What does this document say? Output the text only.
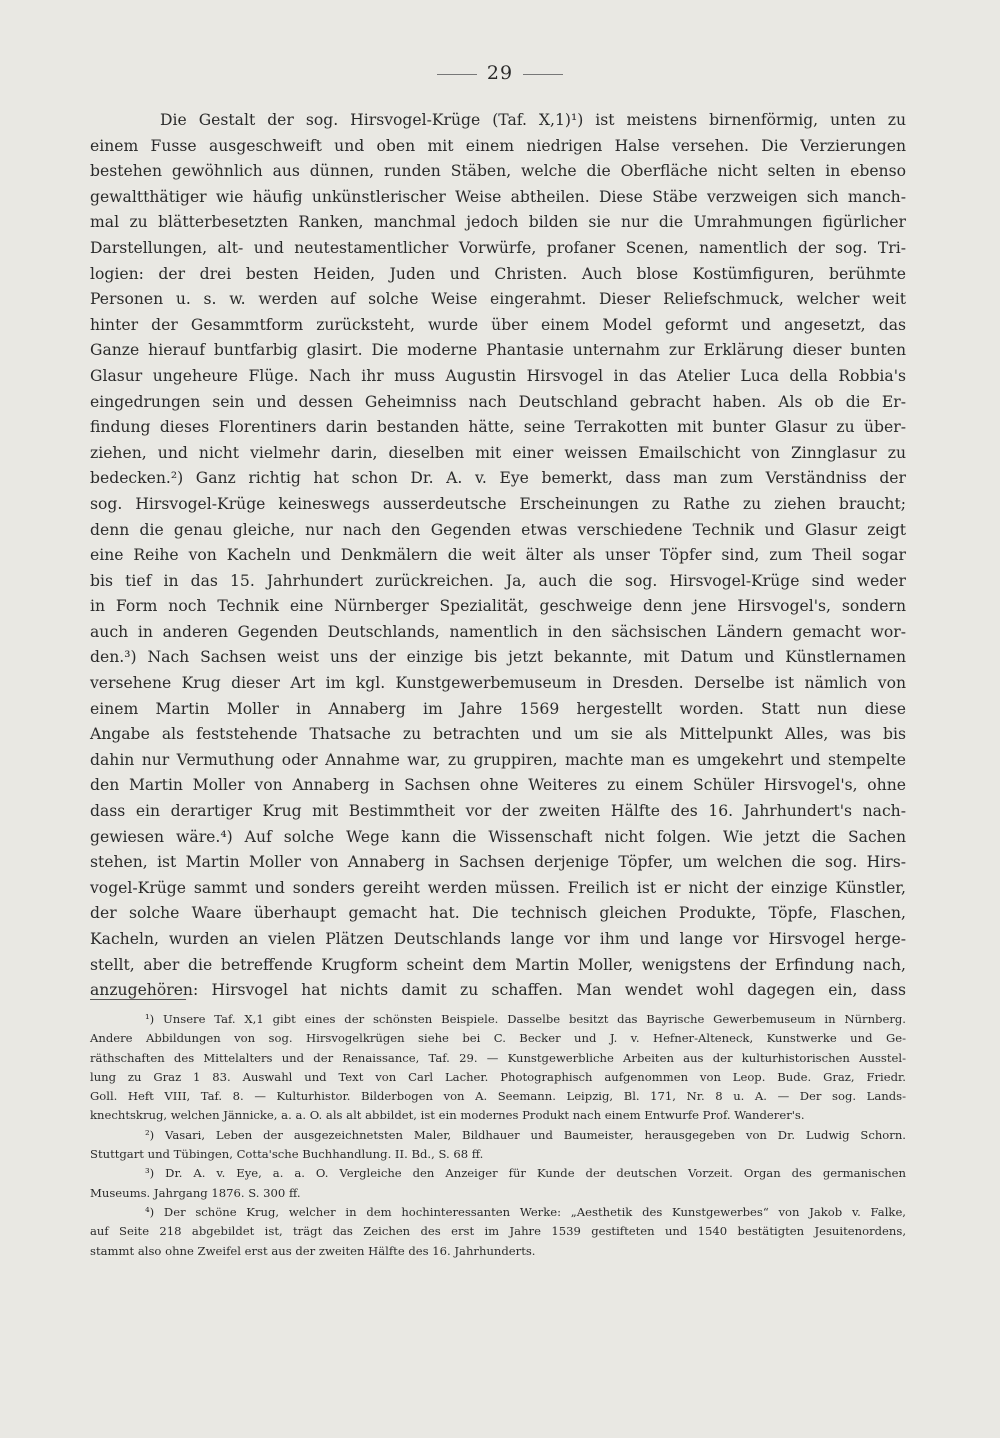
29
Die Gestalt der sog. Hirsvogel-Krüge (Taf. X,1)¹) ist meistens birnenförmig, unten zu
einem Fusse ausgeschweift und oben mit einem niedrigen Halse versehen. Die Verzierungen
bestehen gewöhnlich aus dünnen, runden Stäben, welche die Oberfläche nicht selten in ebenso
gewaltthätiger wie häufig unkünstlerischer Weise abtheilen. Diese Stäbe verzweigen sich manch-
mal zu blätterbesetzten Ranken, manchmal jedoch bilden sie nur die Umrahmungen figürlicher
Darstellungen, alt- und neutestamentlicher Vorwürfe, profaner Scenen, namentlich der sog. Tri-
logien: der drei besten Heiden, Juden und Christen. Auch blose Kostümfiguren, berühmte
Personen u. s. w. werden auf solche Weise eingerahmt. Dieser Reliefschmuck, welcher weit
hinter der Gesammtform zurücksteht, wurde über einem Model geformt und angesetzt, das
Ganze hierauf buntfarbig glasirt. Die moderne Phantasie unternahm zur Erklärung dieser bunten
Glasur ungeheure Flüge. Nach ihr muss Augustin Hirsvogel in das Atelier Luca della Robbia's
eingedrungen sein und dessen Geheimniss nach Deutschland gebracht haben. Als ob die Er-
findung dieses Florentiners darin bestanden hätte, seine Terrakotten mit bunter Glasur zu über-
ziehen, und nicht vielmehr darin, dieselben mit einer weissen Emailschicht von Zinnglasur zu
bedecken.²) Ganz richtig hat schon Dr. A. v. Eye bemerkt, dass man zum Verständniss der
sog. Hirsvogel-Krüge keineswegs ausserdeutsche Erscheinungen zu Rathe zu ziehen braucht;
denn die genau gleiche, nur nach den Gegenden etwas verschiedene Technik und Glasur zeigt
eine Reihe von Kacheln und Denkmälern die weit älter als unser Töpfer sind, zum Theil sogar
bis tief in das 15. Jahrhundert zurückreichen. Ja, auch die sog. Hirsvogel-Krüge sind weder
in Form noch Technik eine Nürnberger Spezialität, geschweige denn jene Hirsvogel's, sondern
auch in anderen Gegenden Deutschlands, namentlich in den sächsischen Ländern gemacht wor-
den.³) Nach Sachsen weist uns der einzige bis jetzt bekannte, mit Datum und Künstlernamen
versehene Krug dieser Art im kgl. Kunstgewerbemuseum in Dresden. Derselbe ist nämlich von
einem Martin Moller in Annaberg im Jahre 1569 hergestellt worden. Statt nun diese
Angabe als feststehende Thatsache zu betrachten und um sie als Mittelpunkt Alles, was bis
dahin nur Vermuthung oder Annahme war, zu gruppiren, machte man es umgekehrt und stempelte
den Martin Moller von Annaberg in Sachsen ohne Weiteres zu einem Schüler Hirsvogel's, ohne
dass ein derartiger Krug mit Bestimmtheit vor der zweiten Hälfte des 16. Jahrhundert's nach-
gewiesen wäre.⁴) Auf solche Wege kann die Wissenschaft nicht folgen. Wie jetzt die Sachen
stehen, ist Martin Moller von Annaberg in Sachsen derjenige Töpfer, um welchen die sog. Hirs-
vogel-Krüge sammt und sonders gereiht werden müssen. Freilich ist er nicht der einzige Künstler,
der solche Waare überhaupt gemacht hat. Die technisch gleichen Produkte, Töpfe, Flaschen,
Kacheln, wurden an vielen Plätzen Deutschlands lange vor ihm und lange vor Hirsvogel herge-
stellt, aber die betreffende Krugform scheint dem Martin Moller, wenigstens der Erfindung nach,
anzugehören: Hirsvogel hat nichts damit zu schaffen. Man wendet wohl dagegen ein, dass
¹) Unsere Taf. X,1 gibt eines der schönsten Beispiele. Dasselbe besitzt das Bayrische Gewerbemuseum in Nürnberg.
Andere Abbildungen von sog. Hirsvogelkrügen siehe bei C. Becker und J. v. Hefner-Alteneck, Kunstwerke und Ge-
räthschaften des Mittelalters und der Renaissance, Taf. 29. — Kunstgewerbliche Arbeiten aus der kulturhistorischen Ausstel-
lung zu Graz 1 83. Auswahl und Text von Carl Lacher. Photographisch aufgenommen von Leop. Bude. Graz, Friedr.
Goll. Heft VIII, Taf. 8. — Kulturhistor. Bilderbogen von A. Seemann. Leipzig, Bl. 171, Nr. 8 u. A. — Der sog. Lands-
knechtskrug, welchen Jännicke, a. a. O. als alt abbildet, ist ein modernes Produkt nach einem Entwurfe Prof. Wanderer's.
²) Vasari, Leben der ausgezeichnetsten Maler, Bildhauer und Baumeister, herausgegeben von Dr. Ludwig Schorn.
Stuttgart und Tübingen, Cotta'sche Buchhandlung. II. Bd., S. 68 ff.
³) Dr. A. v. Eye, a. a. O. Vergleiche den Anzeiger für Kunde der deutschen Vorzeit. Organ des germanischen
Museums. Jahrgang 1876. S. 300 ff.
⁴) Der schöne Krug, welcher in dem hochinteressanten Werke: „Aesthetik des Kunstgewerbes“ von Jakob v. Falke,
auf Seite 218 abgebildet ist, trägt das Zeichen des erst im Jahre 1539 gestifteten und 1540 bestätigten Jesuitenordens,
stammt also ohne Zweifel erst aus der zweiten Hälfte des 16. Jahrhunderts.
